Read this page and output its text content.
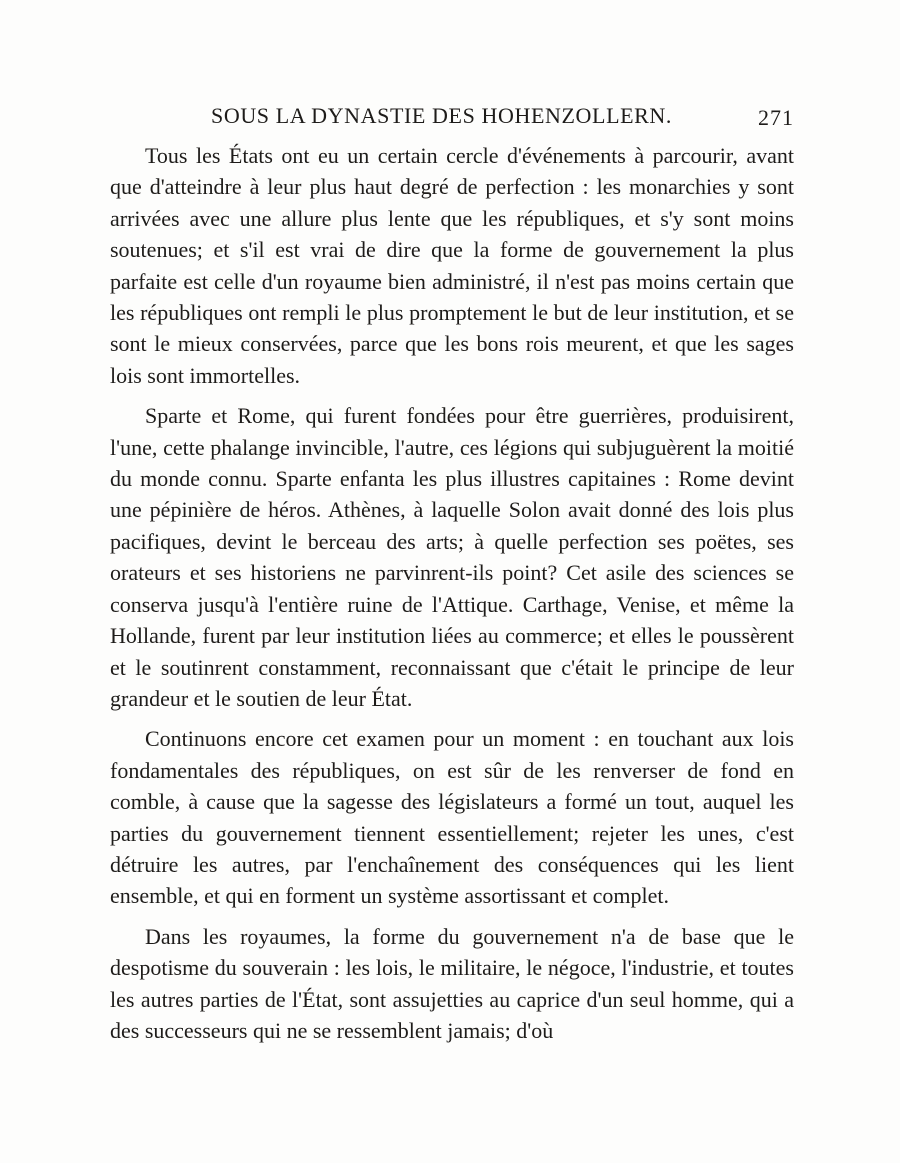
SOUS LA DYNASTIE DES HOHENZOLLERN.	271

Tous les États ont eu un certain cercle d'événements à parcourir, avant que d'atteindre à leur plus haut degré de perfection : les monarchies y sont arrivées avec une allure plus lente que les républiques, et s'y sont moins soutenues; et s'il est vrai de dire que la forme de gouvernement la plus parfaite est celle d'un royaume bien administré, il n'est pas moins certain que les républiques ont rempli le plus promptement le but de leur institution, et se sont le mieux conservées, parce que les bons rois meurent, et que les sages lois sont immortelles.

Sparte et Rome, qui furent fondées pour être guerrières, produisirent, l'une, cette phalange invincible, l'autre, ces légions qui subjuguèrent la moitié du monde connu. Sparte enfanta les plus illustres capitaines : Rome devint une pépinière de héros. Athènes, à laquelle Solon avait donné des lois plus pacifiques, devint le berceau des arts; à quelle perfection ses poëtes, ses orateurs et ses historiens ne parvinrent-ils point? Cet asile des sciences se conserva jusqu'à l'entière ruine de l'Attique. Carthage, Venise, et même la Hollande, furent par leur institution liées au commerce; et elles le poussèrent et le soutinrent constamment, reconnaissant que c'était le principe de leur grandeur et le soutien de leur État.

Continuons encore cet examen pour un moment : en touchant aux lois fondamentales des républiques, on est sûr de les renverser de fond en comble, à cause que la sagesse des législateurs a formé un tout, auquel les parties du gouvernement tiennent essentiellement; rejeter les unes, c'est détruire les autres, par l'enchaînement des conséquences qui les lient ensemble, et qui en forment un système assortissant et complet.

Dans les royaumes, la forme du gouvernement n'a de base que le despotisme du souverain : les lois, le militaire, le négoce, l'industrie, et toutes les autres parties de l'État, sont assujetties au caprice d'un seul homme, qui a des successeurs qui ne se ressemblent jamais; d'où
